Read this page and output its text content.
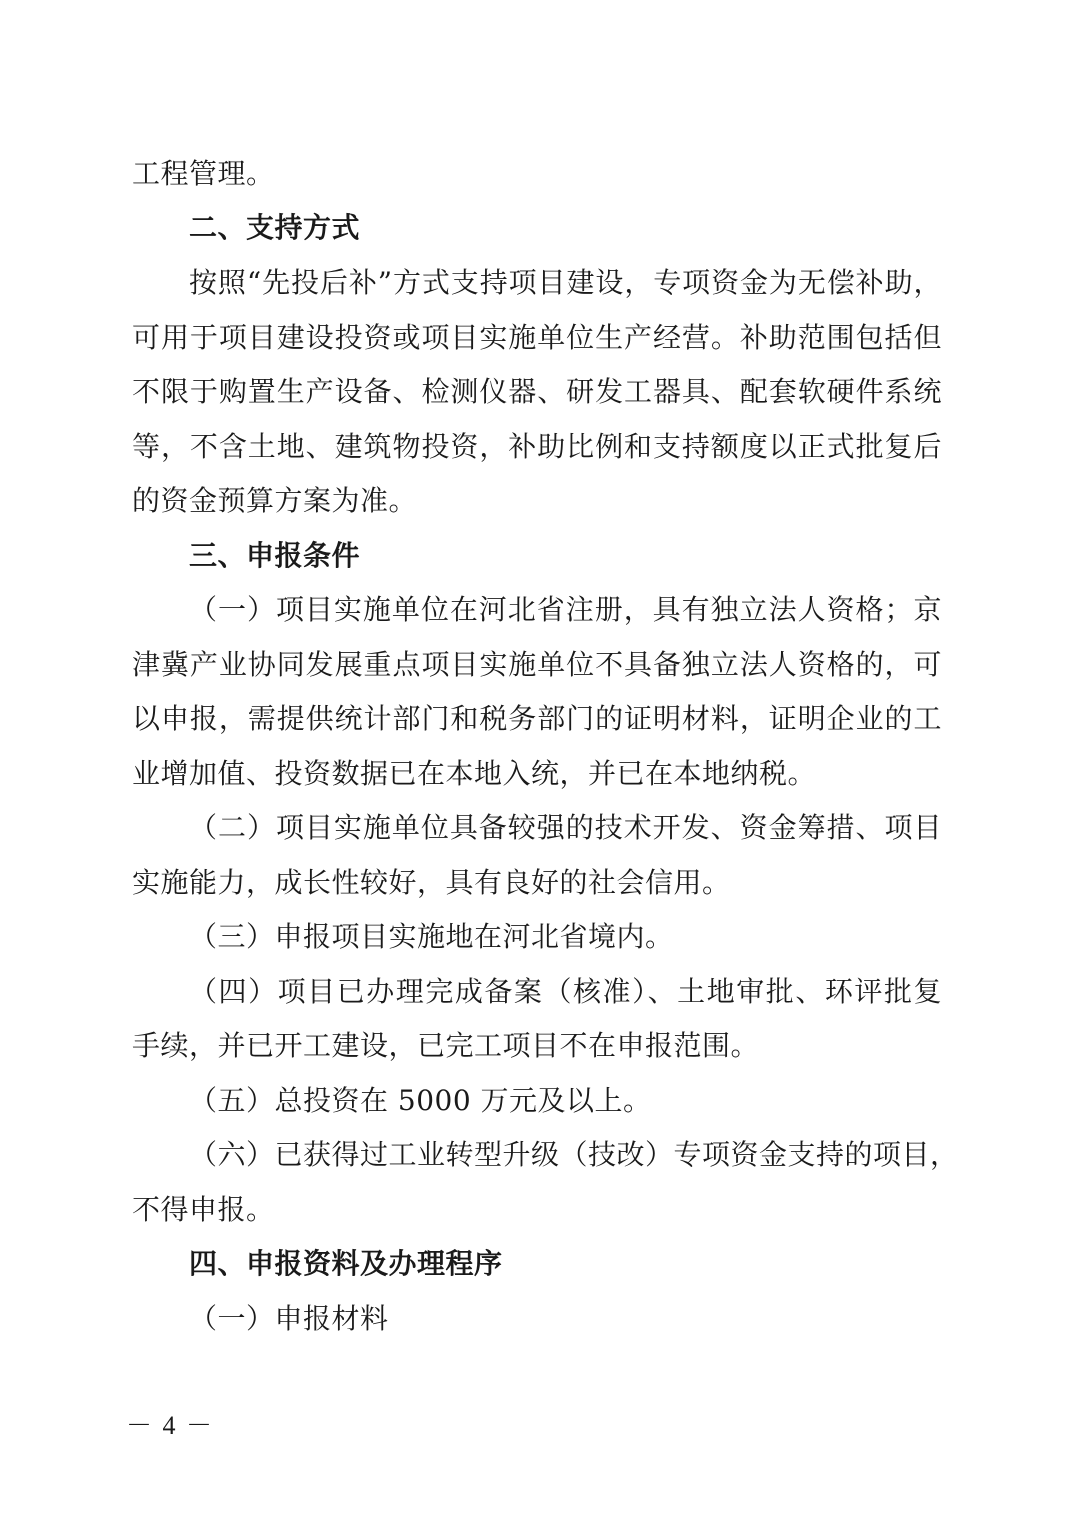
工程管理。
二、支持方式
按照“先投后补”方式支持项目建设，专项资金为无偿补助，
可用于项目建设投资或项目实施单位生产经营。补助范围包括但
不限于购置生产设备、检测仪器、研发工器具、配套软硬件系统
等，不含土地、建筑物投资，补助比例和支持额度以正式批复后
的资金预算方案为准。
三、申报条件
（一）项目实施单位在河北省注册，具有独立法人资格；京
津冀产业协同发展重点项目实施单位不具备独立法人资格的，可
以申报，需提供统计部门和税务部门的证明材料，证明企业的工
业增加值、投资数据已在本地入统，并已在本地纳税。
（二）项目实施单位具备较强的技术开发、资金筹措、项目
实施能力，成长性较好，具有良好的社会信用。
（三）申报项目实施地在河北省境内。
（四）项目已办理完成备案（核准）、土地审批、环评批复
手续，并已开工建设，已完工项目不在申报范围。
（五）总投资在 5000 万元及以上。
（六）已获得过工业转型升级（技改）专项资金支持的项目，
不得申报。
四、申报资料及办理程序
（一）申报材料
－ 4 －
